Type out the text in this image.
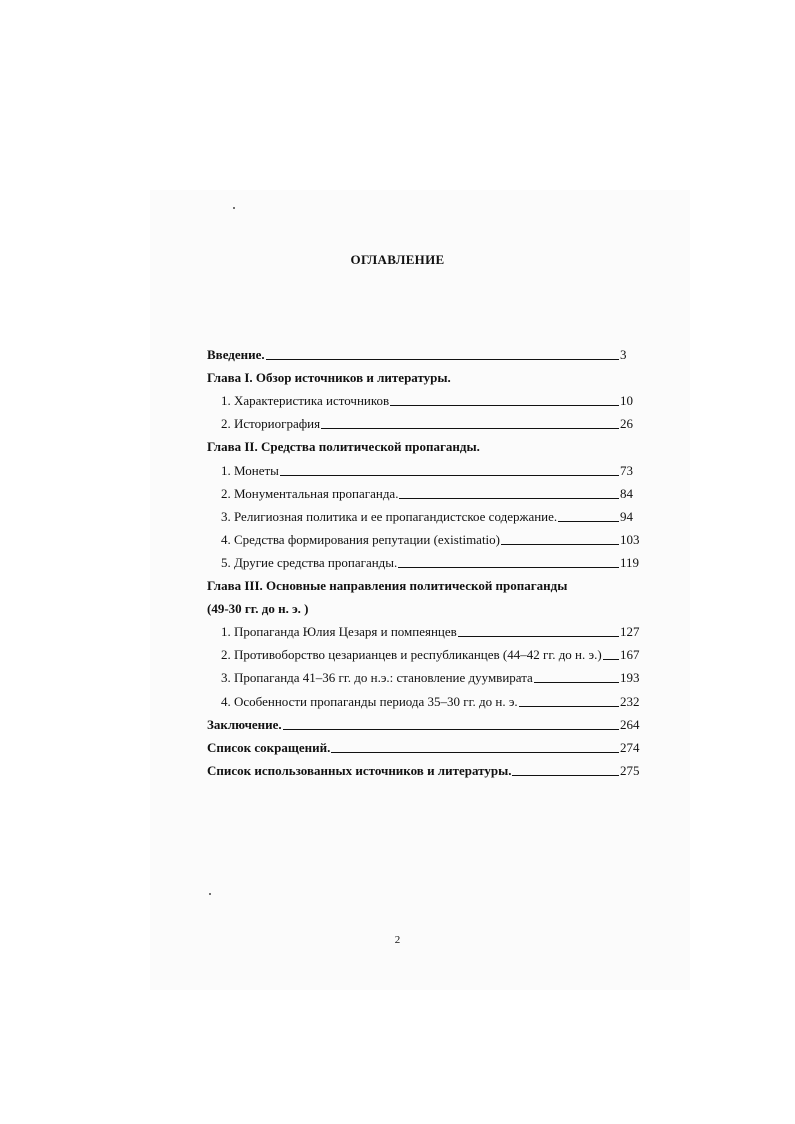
ОГЛАВЛЕНИЕ
Введение.	3
Глава I. Обзор источников и литературы.
1. Характеристика источников	10
2. Историография	26
Глава II. Средства политической пропаганды.
1. Монеты	73
2. Монументальная пропаганда.	84
3. Религиозная политика и ее пропагандистское содержание.	94
4. Средства формирования репутации (existimatio)	103
5. Другие средства пропаганды.	119
Глава III. Основные направления политической пропаганды
(49-30 гг. до н. э. )
1. Пропаганда Юлия Цезаря и помпеянцев	127
2. Противоборство цезарианцев и республиканцев (44–42 гг. до н. э.) 167
3. Пропаганда 41–36 гг. до н.э.: становление дуумвирата	193
4. Особенности пропаганды периода 35–30 гг. до н. э.	232
Заключение.	264
Список сокращений.	274
Список использованных источников и литературы.	275
2
